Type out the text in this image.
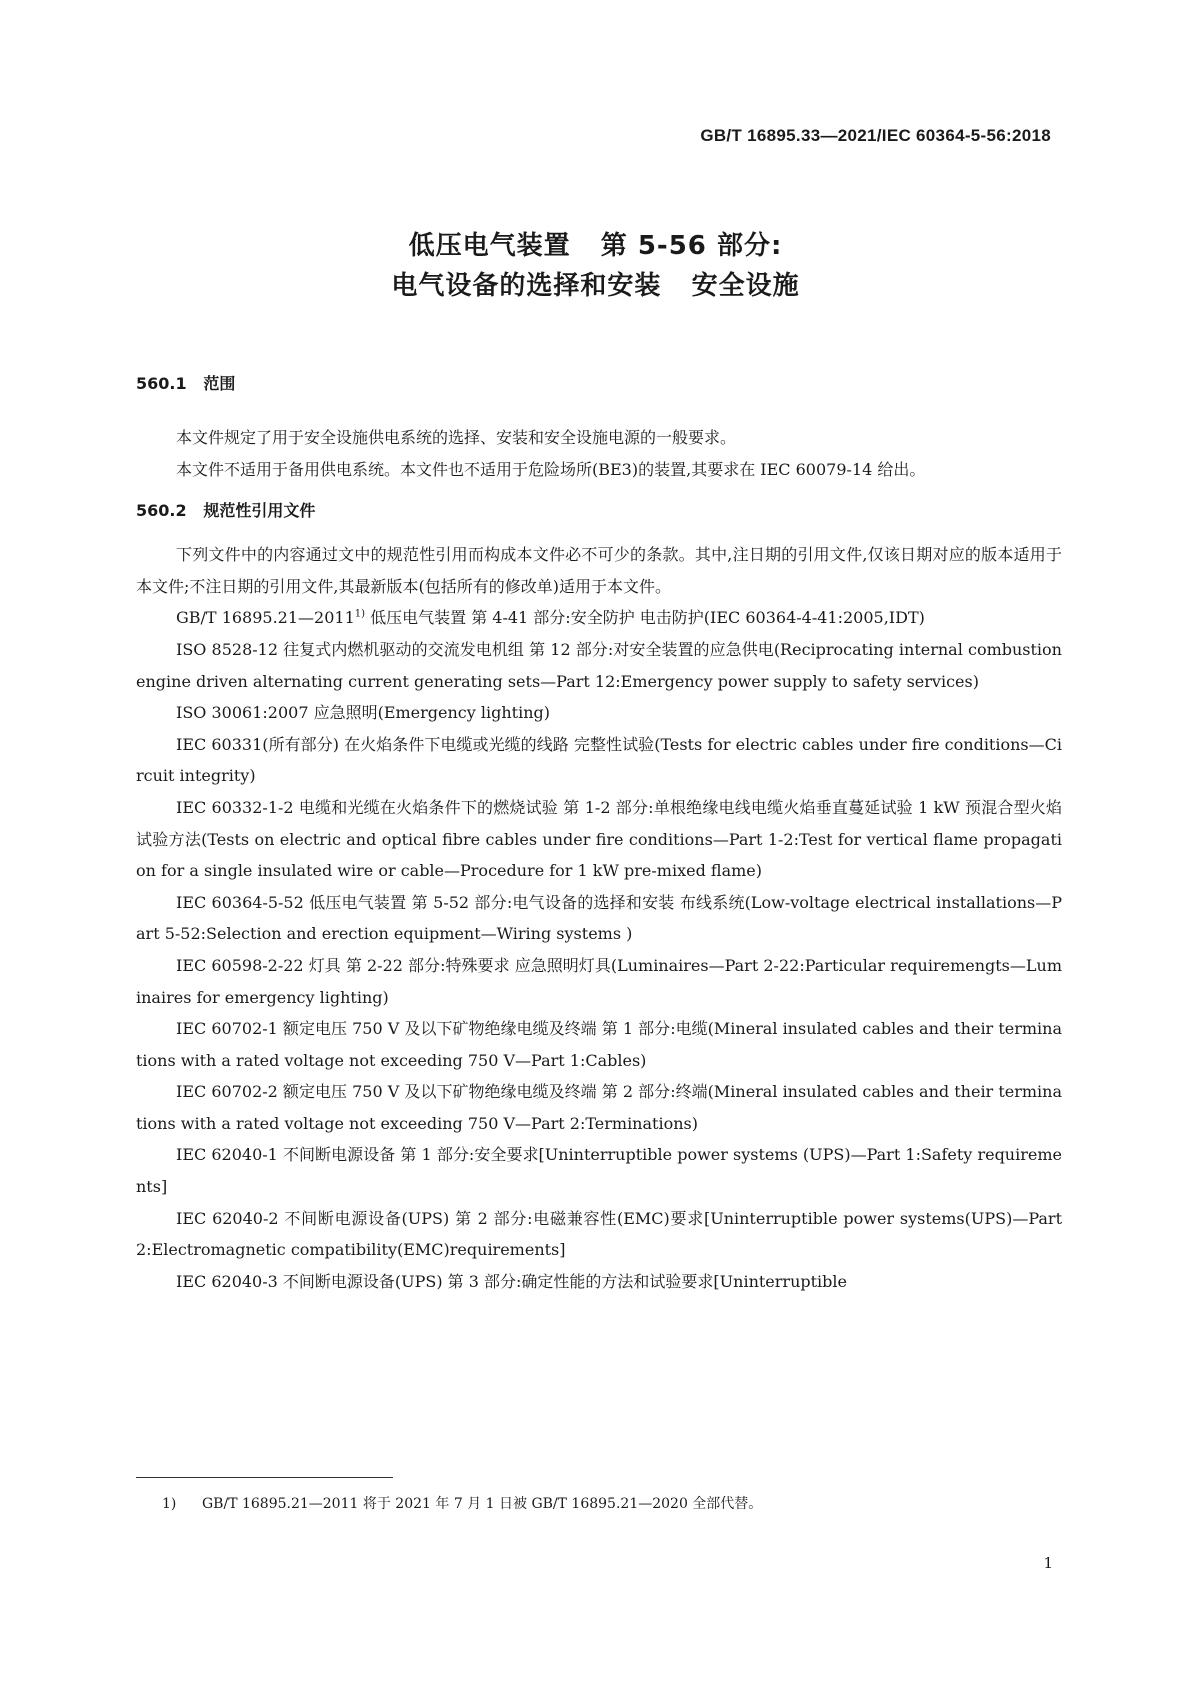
GB/T 16895.33—2021/IEC 60364-5-56:2018
低压电气装置   第 5-56 部分:
电气设备的选择和安装   安全设施
560.1   范围

本文件规定了用于安全设施供电系统的选择、安装和安全设施电源的一般要求。

本文件不适用于备用供电系统。本文件也不适用于危险场所(BE3)的装置,其要求在 IEC 60079-14 给出。

560.2   规范性引用文件

下列文件中的内容通过文中的规范性引用而构成本文件必不可少的条款。其中,注日期的引用文件,仅该日期对应的版本适用于本文件;不注日期的引用文件,其最新版本(包括所有的修改单)适用于本文件。

GB/T 16895.21—2011$^{1)}$ 低压电气装置 第 4-41 部分:安全防护 电击防护(IEC 60364-4-41:2005,IDT)

ISO 8528-12 往复式内燃机驱动的交流发电机组 第 12 部分:对安全装置的应急供电(Reciprocating internal combustion engine driven alternating current generating sets—Part 12:Emergency power supply to safety services)

ISO 30061:2007 应急照明(Emergency lighting)

IEC 60331(所有部分) 在火焰条件下电缆或光缆的线路 完整性试验(Tests for electric cables under fire conditions—Circuit integrity)

IEC 60332-1-2 电缆和光缆在火焰条件下的燃烧试验 第 1-2 部分:单根绝缘电线电缆火焰垂直蔓延试验 1 kW 预混合型火焰试验方法(Tests on electric and optical fibre cables under fire conditions—Part 1-2:Test for vertical flame propagation for a single insulated wire or cable—Procedure for 1 kW pre-mixed flame)

IEC 60364-5-52 低压电气装置 第 5-52 部分:电气设备的选择和安装 布线系统(Low-voltage electrical installations—Part 5-52:Selection and erection equipment—Wiring systems )

IEC 60598-2-22 灯具 第 2-22 部分:特殊要求 应急照明灯具(Luminaires—Part 2-22:Particular requiremengts—Luminaires for emergency lighting)

IEC 60702-1 额定电压 750 V 及以下矿物绝缘电缆及终端 第 1 部分:电缆(Mineral insulated cables and their terminations with a rated voltage not exceeding 750 V—Part 1:Cables)

IEC 60702-2 额定电压 750 V 及以下矿物绝缘电缆及终端 第 2 部分:终端(Mineral insulated cables and their terminations with a rated voltage not exceeding 750 V—Part 2:Terminations)

IEC 62040-1 不间断电源设备 第 1 部分:安全要求[Uninterruptible power systems (UPS)—Part 1:Safety requirements]

IEC 62040-2 不间断电源设备(UPS) 第 2 部分:电磁兼容性(EMC)要求[Uninterruptible power systems(UPS)—Part 2:Electromagnetic compatibility(EMC)requirements]

IEC 62040-3 不间断电源设备(UPS) 第 3 部分:确定性能的方法和试验要求[Uninterruptible

1) GB/T 16895.21—2011 将于 2021 年 7 月 1 日被 GB/T 16895.21—2020 全部代替。
1
